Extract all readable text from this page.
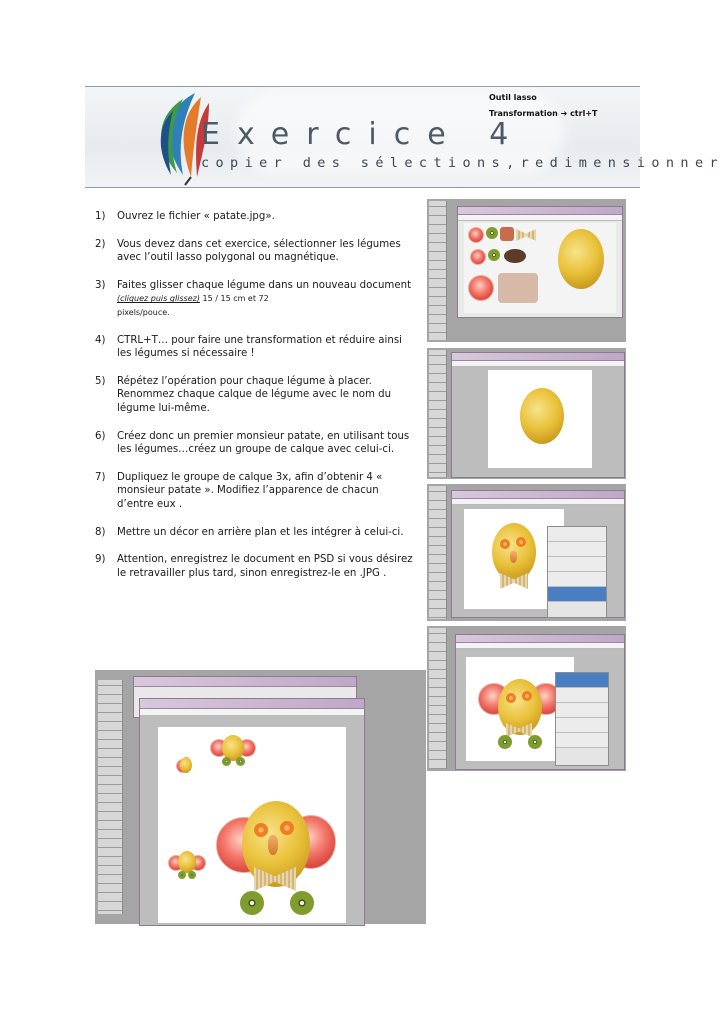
Exercice 4
copier des sélections,redimensionner
Outil lasso
Transformation ➔ ctrl+T
1) Ouvrez le fichier « patate.jpg».
2) Vous devez dans cet exercice, sélectionner les légumes avec l’outil lasso polygonal ou magnétique.
3) Faites glisser chaque légume dans un nouveau document (cliquez puis glissez) 15 / 15 cm et 72
pixels/pouce.
4) CTRL+T… pour faire une transformation et réduire ainsi les légumes si nécessaire !
5) Répétez l’opération pour chaque légume à placer. Renommez chaque calque de légume avec le nom du légume lui-même.
6) Créez donc un premier monsieur patate, en utilisant tous les légumes…créez un groupe de calque avec celui-ci.
7) Dupliquez le groupe de calque 3x, afin d’obtenir 4 « monsieur patate ». Modifiez l’apparence de chacun d’entre eux .
8) Mettre un décor en arrière plan et les intégrer à celui-ci.
9) Attention, enregistrez le document en PSD si vous désirez le retravailler plus tard, sinon enregistrez-le en .JPG .
